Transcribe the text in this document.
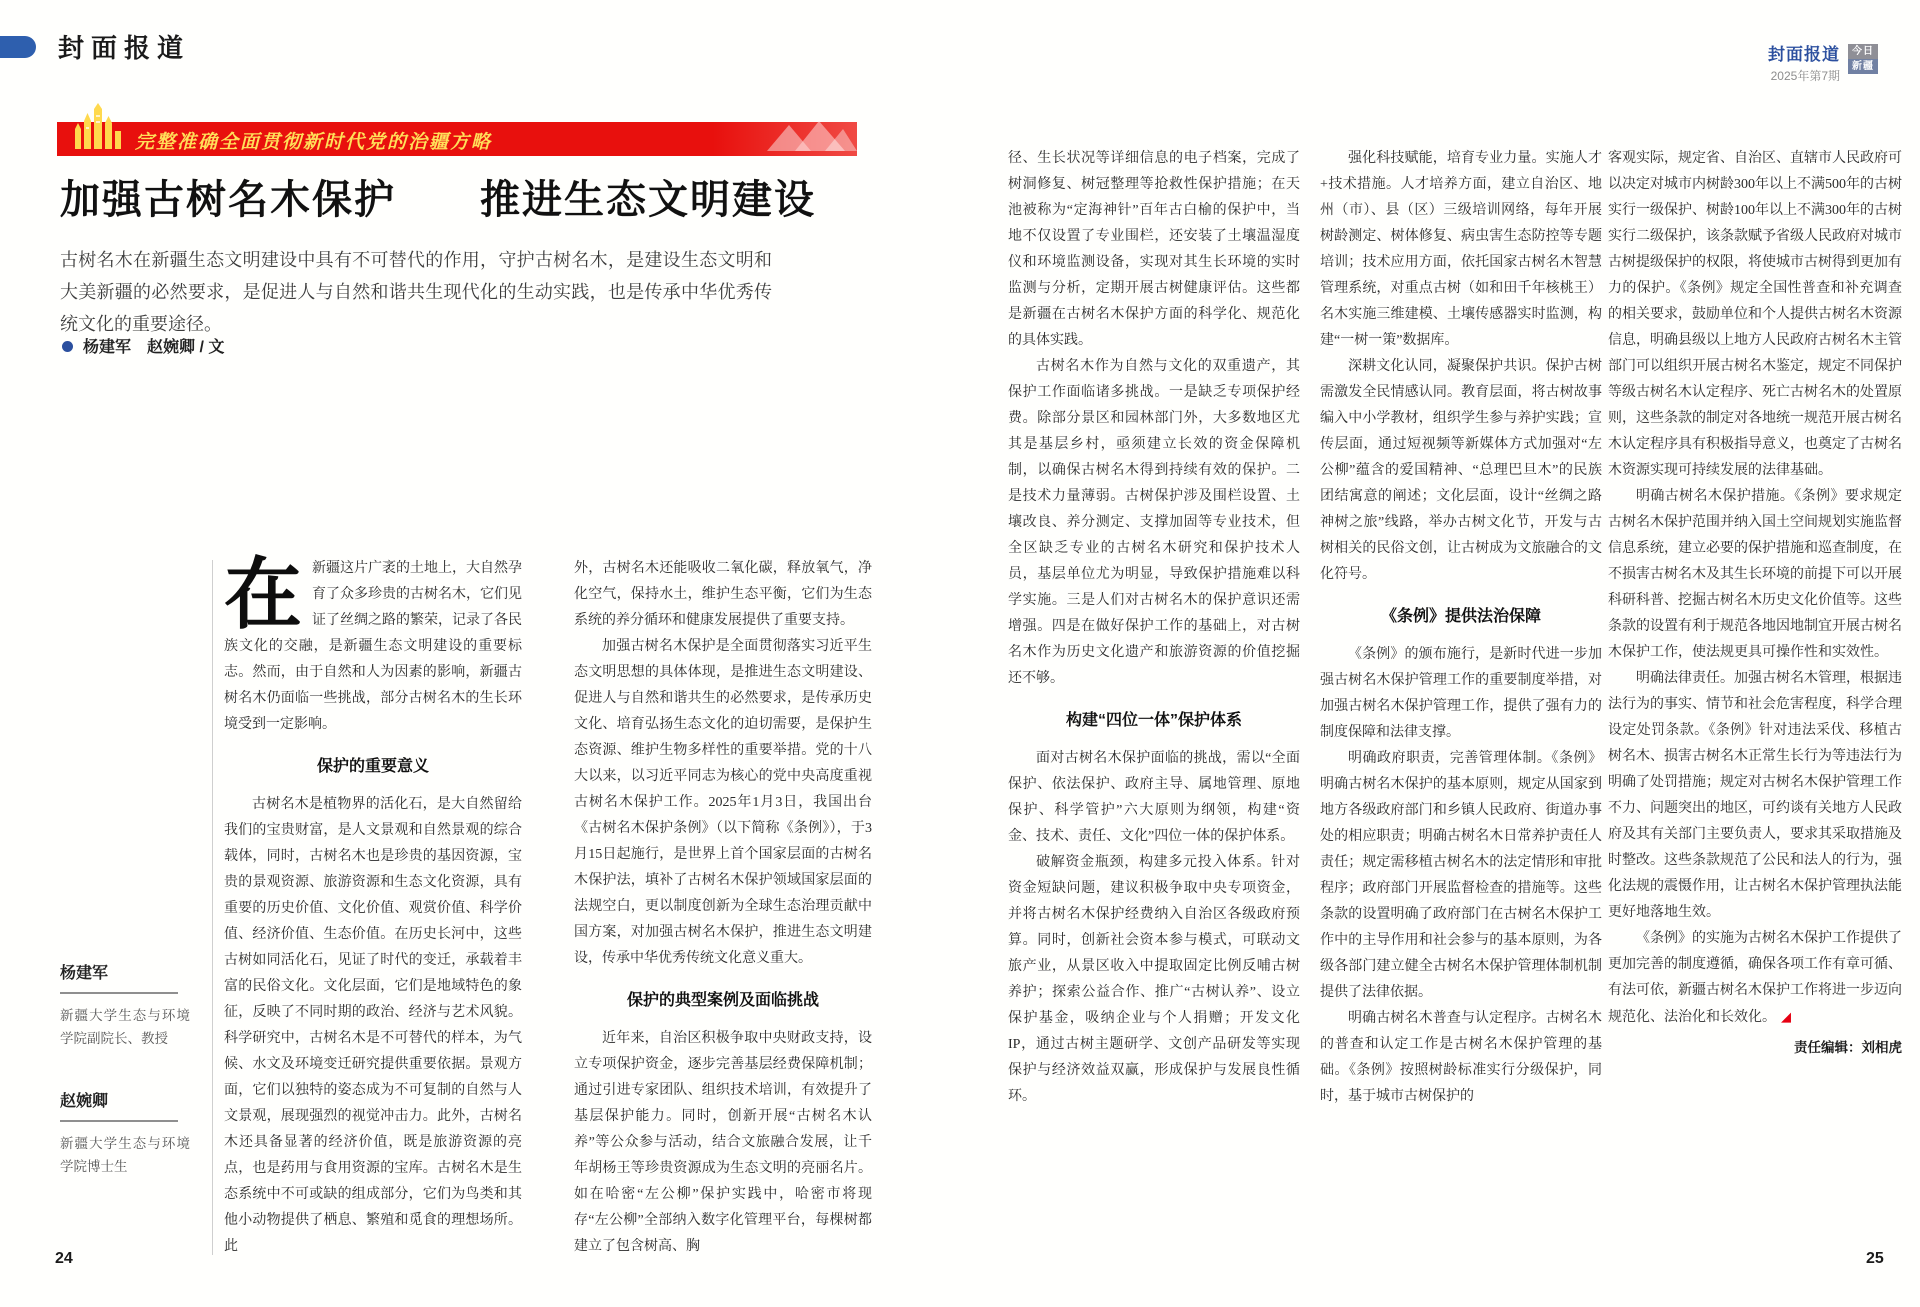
封面报道	封面报道
2025年第7期
今日
新疆
完整准确全面贯彻新时代党的治疆方略
加强古树名木保护　　推进生态文明建设
古树名木在新疆生态文明建设中具有不可替代的作用，守护古树名木，是建设生态文明和大美新疆的必然要求，是促进人与自然和谐共生现代化的生动实践，也是传承中华优秀传统文化的重要途径。
杨建军　赵婉卿 / 文
杨建军
新疆大学生态与环境学院副院长、教授
赵婉卿
新疆大学生态与环境学院博士生

在新疆这片广袤的土地上，大自然孕育了众多珍贵的古树名木，它们见证了丝绸之路的繁荣，记录了各民族文化的交融，是新疆生态文明建设的重要标志。然而，由于自然和人为因素的影响，新疆古树名木仍面临一些挑战，部分古树名木的生长环境受到一定影响。

保护的重要意义

古树名木是植物界的活化石，是大自然留给我们的宝贵财富，是人文景观和自然景观的综合载体，同时，古树名木也是珍贵的基因资源，宝贵的景观资源、旅游资源和生态文化资源，具有重要的历史价值、文化价值、观赏价值、科学价值、经济价值、生态价值。在历史长河中，这些古树如同活化石，见证了时代的变迁，承载着丰富的民俗文化。文化层面，它们是地域特色的象征，反映了不同时期的政治、经济与艺术风貌。科学研究中，古树名木是不可替代的样本，为气候、水文及环境变迁研究提供重要依据。景观方面，它们以独特的姿态成为不可复制的自然与人文景观，展现强烈的视觉冲击力。此外，古树名木还具备显著的经济价值，既是旅游资源的亮点，也是药用与食用资源的宝库。古树名木是生态系统中不可或缺的组成部分，它们为鸟类和其他小动物提供了栖息、繁殖和觅食的理想场所。此

外，古树名木还能吸收二氧化碳，释放氧气，净化空气，保持水土，维护生态平衡，它们为生态系统的养分循环和健康发展提供了重要支持。

加强古树名木保护是全面贯彻落实习近平生态文明思想的具体体现，是推进生态文明建设、促进人与自然和谐共生的必然要求，是传承历史文化、培育弘扬生态文化的迫切需要，是保护生态资源、维护生物多样性的重要举措。党的十八大以来，以习近平同志为核心的党中央高度重视古树名木保护工作。2025年1月3日，我国出台《古树名木保护条例》（以下简称《条例》），于3月15日起施行，是世界上首个国家层面的古树名木保护法，填补了古树名木保护领域国家层面的法规空白，更以制度创新为全球生态治理贡献中国方案，对加强古树名木保护，推进生态文明建设，传承中华优秀传统文化意义重大。

保护的典型案例及面临挑战

近年来，自治区积极争取中央财政支持，设立专项保护资金，逐步完善基层经费保障机制；通过引进专家团队、组织技术培训，有效提升了基层保护能力。同时，创新开展“古树名木认养”等公众参与活动，结合文旅融合发展，让千年胡杨王等珍贵资源成为生态文明的亮丽名片。如在哈密“左公柳”保护实践中，哈密市将现存“左公柳”全部纳入数字化管理平台，每棵树都建立了包含树高、胸

径、生长状况等详细信息的电子档案，完成了树洞修复、树冠整理等抢救性保护措施；在天池被称为“定海神针”百年古白榆的保护中，当地不仅设置了专业围栏，还安装了土壤温湿度仪和环境监测设备，实现对其生长环境的实时监测与分析，定期开展古树健康评估。这些都是新疆在古树名木保护方面的科学化、规范化的具体实践。

古树名木作为自然与文化的双重遗产，其保护工作面临诸多挑战。一是缺乏专项保护经费。除部分景区和园林部门外，大多数地区尤其是基层乡村，亟须建立长效的资金保障机制，以确保古树名木得到持续有效的保护。二是技术力量薄弱。古树保护涉及围栏设置、土壤改良、养分测定、支撑加固等专业技术，但全区缺乏专业的古树名木研究和保护技术人员，基层单位尤为明显，导致保护措施难以科学实施。三是人们对古树名木的保护意识还需增强。四是在做好保护工作的基础上，对古树名木作为历史文化遗产和旅游资源的价值挖掘还不够。

构建“四位一体”保护体系

面对古树名木保护面临的挑战，需以“全面保护、依法保护、政府主导、属地管理、原地保护、科学管护”六大原则为纲领，构建“资金、技术、责任、文化”四位一体的保护体系。

破解资金瓶颈，构建多元投入体系。针对资金短缺问题，建议积极争取中央专项资金，并将古树名木保护经费纳入自治区各级政府预算。同时，创新社会资本参与模式，可联动文旅产业，从景区收入中提取固定比例反哺古树养护；探索公益合作、推广“古树认养”、设立保护基金，吸纳企业与个人捐赠；开发文化IP，通过古树主题研学、文创产品研发等实现保护与经济效益双赢，形成保护与发展良性循环。

强化科技赋能，培育专业力量。实施人才+技术措施。人才培养方面，建立自治区、地州（市）、县（区）三级培训网络，每年开展树龄测定、树体修复、病虫害生态防控等专题培训；技术应用方面，依托国家古树名木智慧管理系统，对重点古树（如和田千年核桃王）名木实施三维建模、土壤传感器实时监测，构建“一树一策”数据库。

深耕文化认同，凝聚保护共识。保护古树需激发全民情感认同。教育层面，将古树故事编入中小学教材，组织学生参与养护实践；宣传层面，通过短视频等新媒体方式加强对“左公柳”蕴含的爱国精神、“总理巴旦木”的民族团结寓意的阐述；文化层面，设计“丝绸之路神树之旅”线路，举办古树文化节，开发与古树相关的民俗文创，让古树成为文旅融合的文化符号。

《条例》提供法治保障

《条例》的颁布施行，是新时代进一步加强古树名木保护管理工作的重要制度举措，对加强古树名木保护管理工作，提供了强有力的制度保障和法律支撑。

明确政府职责，完善管理体制。《条例》明确古树名木保护的基本原则，规定从国家到地方各级政府部门和乡镇人民政府、街道办事处的相应职责；明确古树名木日常养护责任人责任；规定需移植古树名木的法定情形和审批程序；政府部门开展监督检查的措施等。这些条款的设置明确了政府部门在古树名木保护工作中的主导作用和社会参与的基本原则，为各级各部门建立健全古树名木保护管理体制机制提供了法律依据。

明确古树名木普查与认定程序。古树名木的普查和认定工作是古树名木保护管理的基础。《条例》按照树龄标准实行分级保护，同时，基于城市古树保护的

客观实际，规定省、自治区、直辖市人民政府可以决定对城市内树龄300年以上不满500年的古树实行一级保护、树龄100年以上不满300年的古树实行二级保护，该条款赋予省级人民政府对城市古树提级保护的权限，将使城市古树得到更加有力的保护。《条例》规定全国性普查和补充调查的相关要求，鼓励单位和个人提供古树名木资源信息，明确县级以上地方人民政府古树名木主管部门可以组织开展古树名木鉴定，规定不同保护等级古树名木认定程序、死亡古树名木的处置原则，这些条款的制定对各地统一规范开展古树名木认定程序具有积极指导意义，也奠定了古树名木资源实现可持续发展的法律基础。

明确古树名木保护措施。《条例》要求规定古树名木保护范围并纳入国土空间规划实施监督信息系统，建立必要的保护措施和巡查制度，在不损害古树名木及其生长环境的前提下可以开展科研科普、挖掘古树名木历史文化价值等。这些条款的设置有利于规范各地因地制宜开展古树名木保护工作，使法规更具可操作性和实效性。

明确法律责任。加强古树名木管理，根据违法行为的事实、情节和社会危害程度，科学合理设定处罚条款。《条例》针对违法采伐、移植古树名木、损害古树名木正常生长行为等违法行为明确了处罚措施；规定对古树名木保护管理工作不力、问题突出的地区，可约谈有关地方人民政府及其有关部门主要负责人，要求其采取措施及时整改。这些条款规范了公民和法人的行为，强化法规的震慑作用，让古树名木保护管理执法能更好地落地生效。

《条例》的实施为古树名木保护工作提供了更加完善的制度遵循，确保各项工作有章可循、有法可依，新疆古树名木保护工作将进一步迈向规范化、法治化和长效化。 ◢

责任编辑：刘相虎
24	25
